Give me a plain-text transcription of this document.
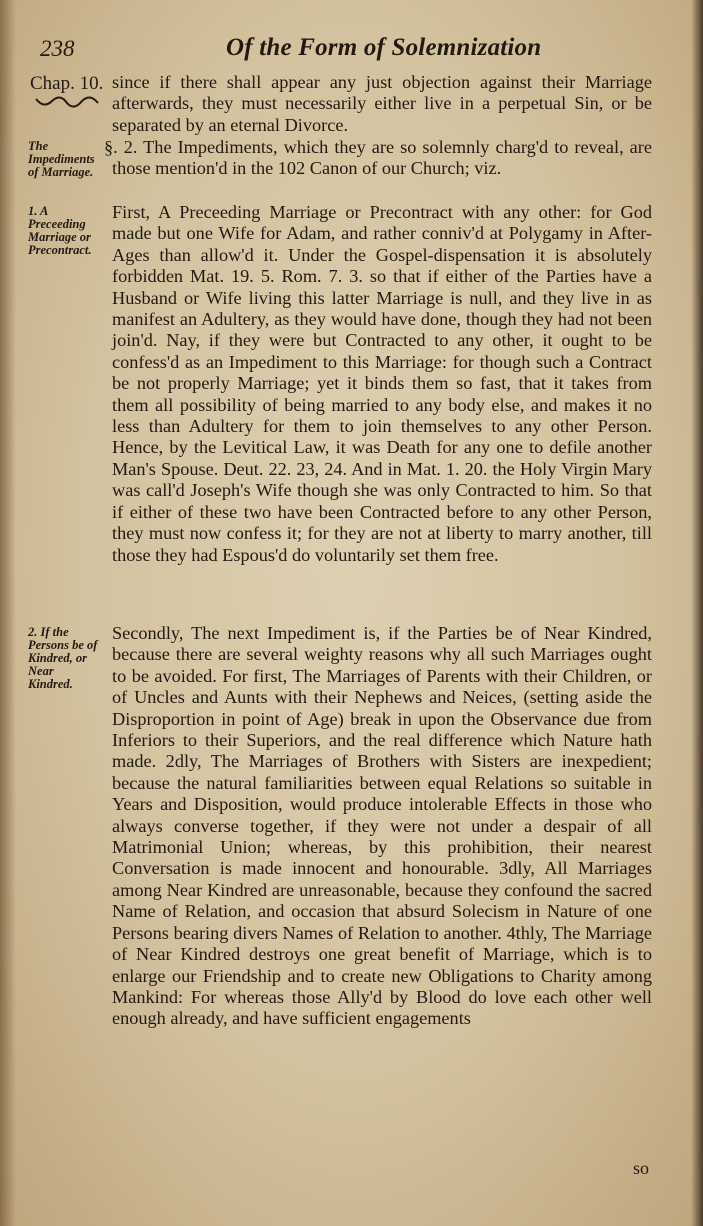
238	Of the Form of Solemnization
Chap. 10.
The Impediments of Marriage.
1. A Preceeding Marriage or Precontract.
2. If the Persons be of Kindred, or Near Kindred.

since if there shall appear any just objection against their Marriage afterwards, they must necessarily either live in a perpetual Sin, or be separated by an eternal Divorce.

§. 2. The Impediments, which they are so solemnly charg'd to reveal, are those mention'd in the 102 Canon of our Church; viz.

First, A Preceeding Marriage or Precontract with any other: for God made but one Wife for Adam, and rather conniv'd at Polygamy in After-Ages than allow'd it. Under the Gospel-dispensation it is absolutely forbidden Mat. 19. 5. Rom. 7. 3. so that if either of the Parties have a Husband or Wife living this latter Marriage is null, and they live in as manifest an Adultery, as they would have done, though they had not been join'd. Nay, if they were but Contracted to any other, it ought to be confess'd as an Impediment to this Marriage: for though such a Contract be not properly Marriage; yet it binds them so fast, that it takes from them all possibility of being married to any body else, and makes it no less than Adultery for them to join themselves to any other Person. Hence, by the Levitical Law, it was Death for any one to defile another Man's Spouse. Deut. 22. 23, 24. And in Mat. 1. 20. the Holy Virgin Mary was call'd Joseph's Wife though she was only Contracted to him. So that if either of these two have been Contracted before to any other Person, they must now confess it; for they are not at liberty to marry another, till those they had Espous'd do voluntarily set them free.

Secondly, The next Impediment is, if the Parties be of Near Kindred, because there are several weighty reasons why all such Marriages ought to be avoided. For first, The Marriages of Parents with their Children, or of Uncles and Aunts with their Nephews and Neices, (setting aside the Disproportion in point of Age) break in upon the Observance due from Inferiors to their Superiors, and the real difference which Nature hath made. 2dly, The Marriages of Brothers with Sisters are inexpedient; because the natural familiarities between equal Relations so suitable in Years and Disposition, would produce intolerable Effects in those who always converse together, if they were not under a despair of all Matrimonial Union; whereas, by this prohibition, their nearest Conversation is made innocent and honourable. 3dly, All Marriages among Near Kindred are unreasonable, because they confound the sacred Name of Relation, and occasion that absurd Solecism in Nature of one Persons bearing divers Names of Relation to another. 4thly, The Marriage of Near Kindred destroys one great benefit of Marriage, which is to enlarge our Friendship and to create new Obligations to Charity among Mankind: For whereas those Ally'd by Blood do love each other well enough already, and have sufficient engagements

so
